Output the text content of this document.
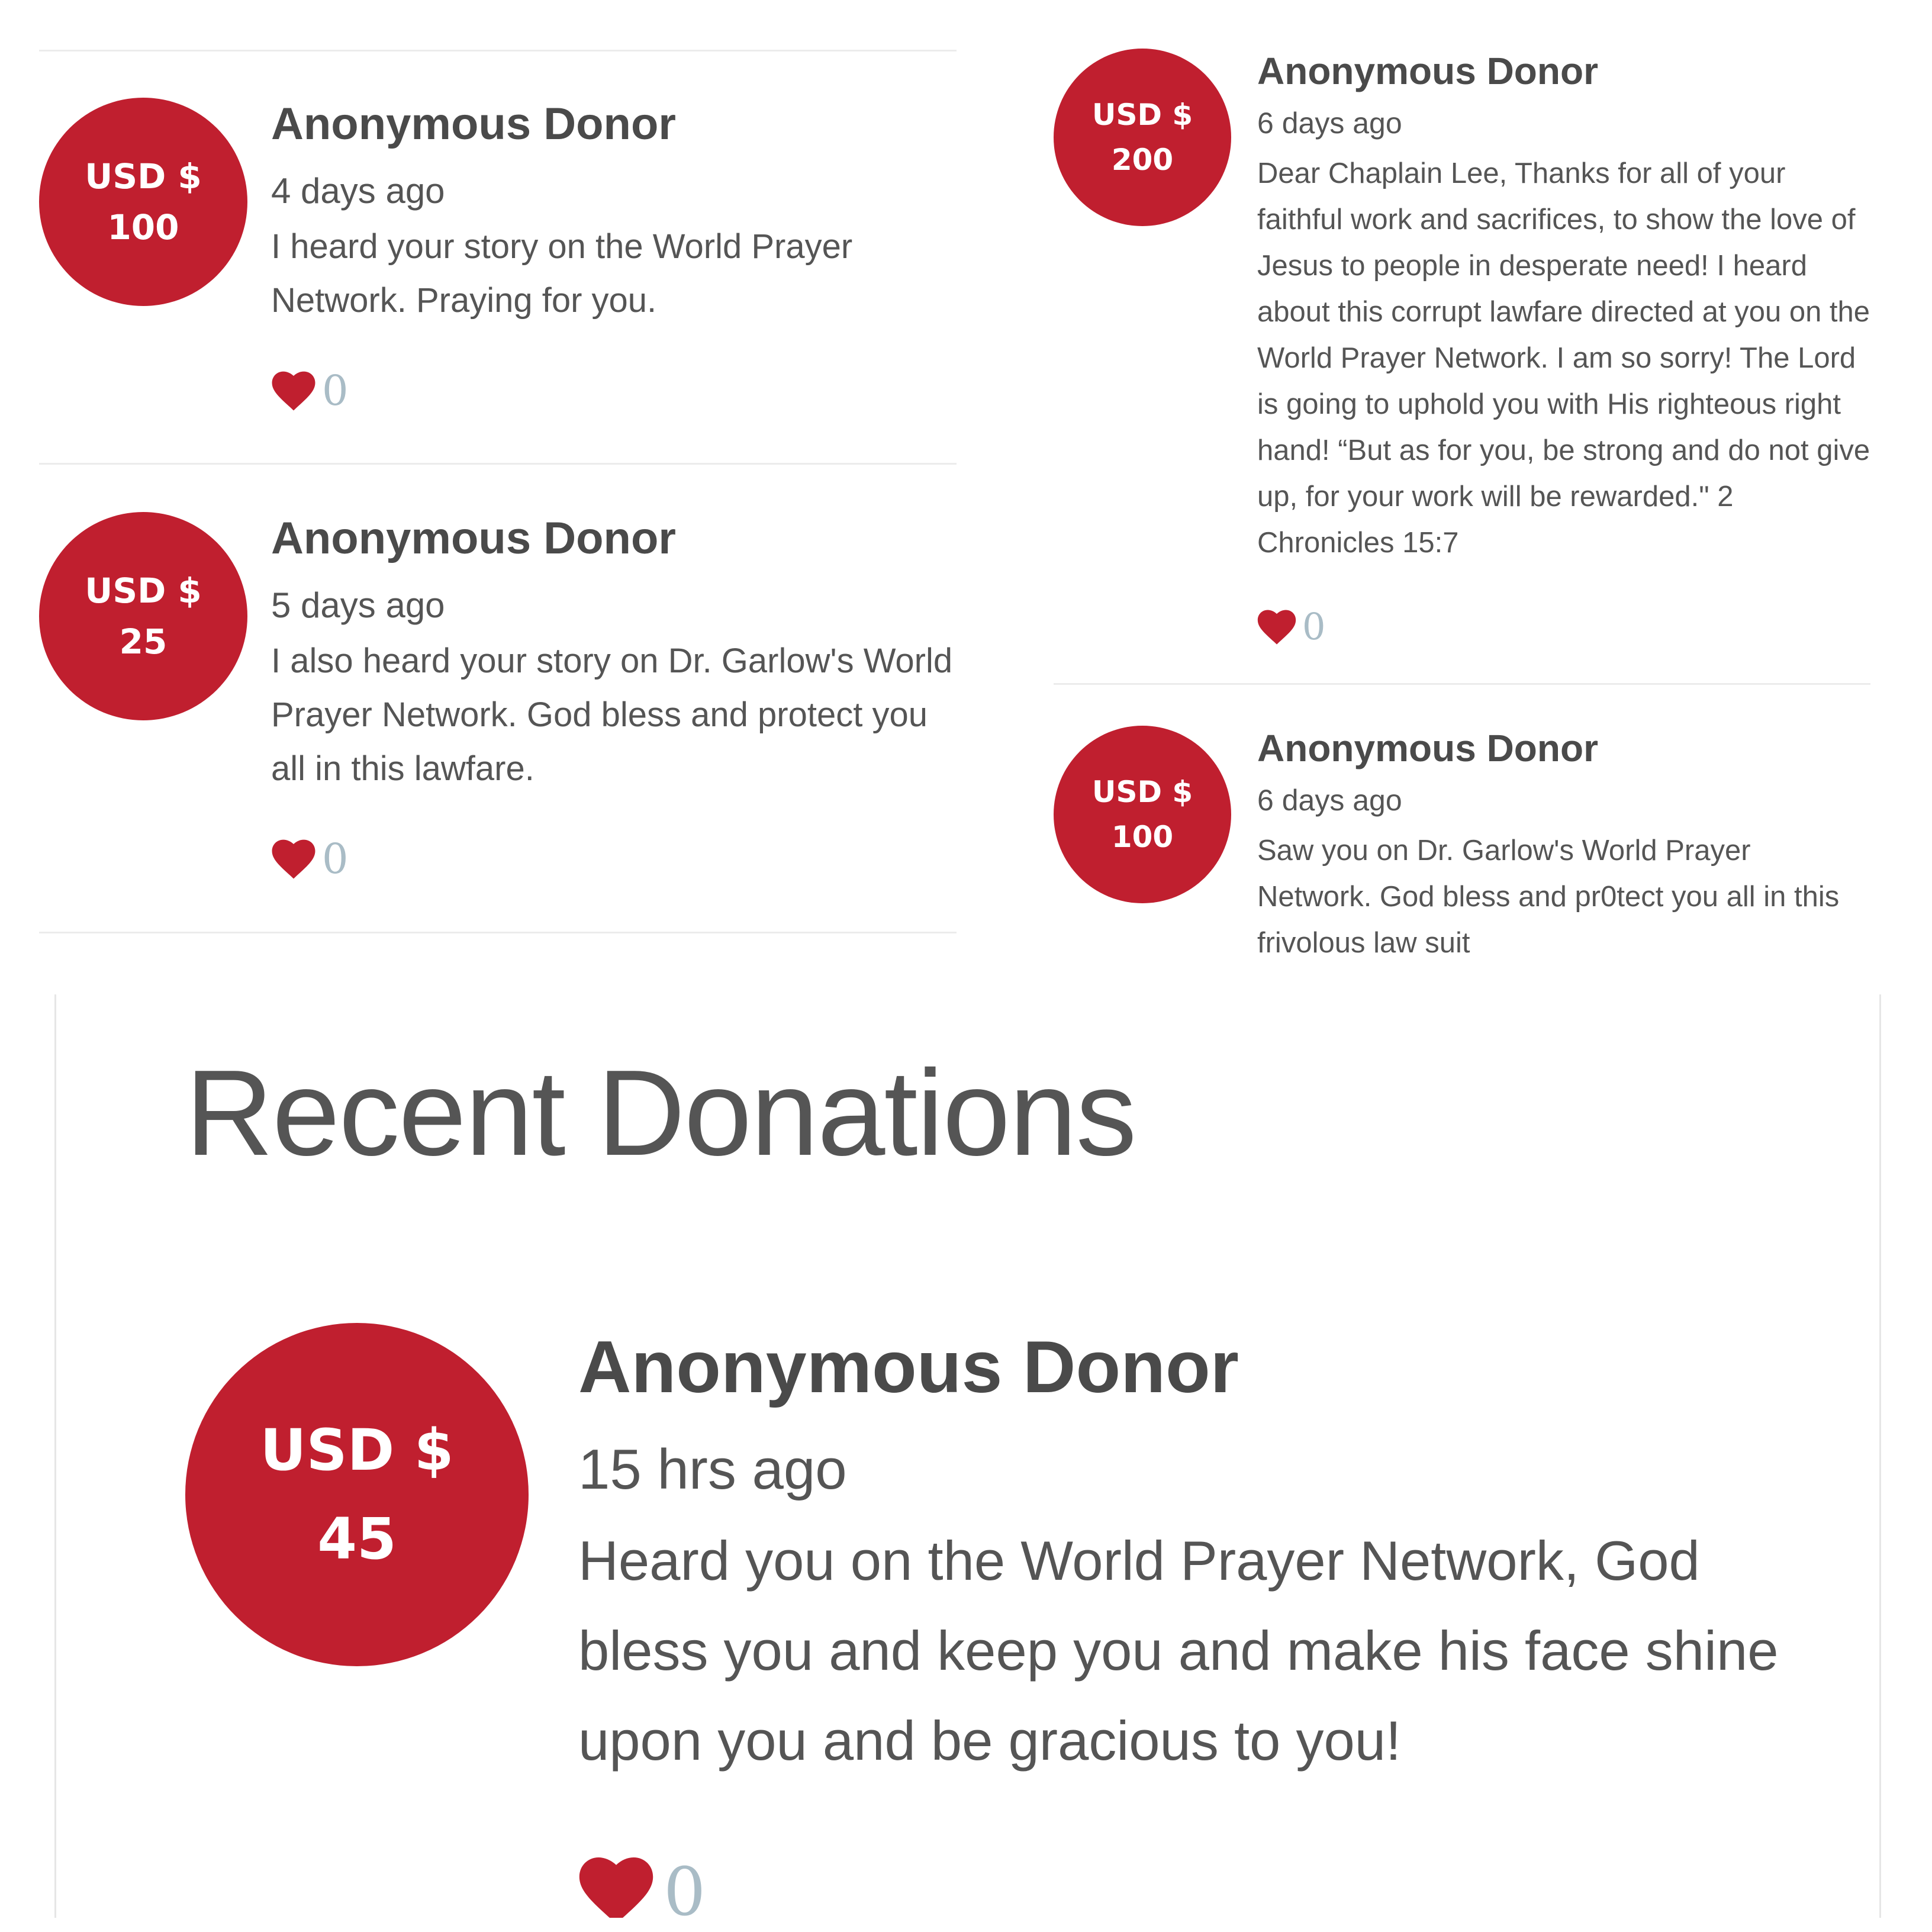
USD $
100
Anonymous Donor
4 days ago
I heard your story on the World Prayer Network. Praying for you.
0
USD $
25
Anonymous Donor
5 days ago
I also heard your story on Dr. Garlow's World Prayer Network. God bless and protect you all in this lawfare.
0
USD $
200
Anonymous Donor
6 days ago
Dear Chaplain Lee, Thanks for all of your faithful work and sacrifices, to show the love of Jesus to people in desperate need! I heard about this corrupt lawfare directed at you on the World Prayer Network. I am so sorry! The Lord is going to uphold you with His righteous right hand! “But as for you, be strong and do not give up, for your work will be rewarded." 2 Chronicles 15:7
0
USD $
100
Anonymous Donor
6 days ago
Saw you on Dr. Garlow's World Prayer Network. God bless and pr0tect you all in this frivolous law suit
Recent Donations
USD $
45
Anonymous Donor
15 hrs ago
Heard you on the World Prayer Network, God bless you and keep you and make his face shine upon you and be gracious to you!
0
